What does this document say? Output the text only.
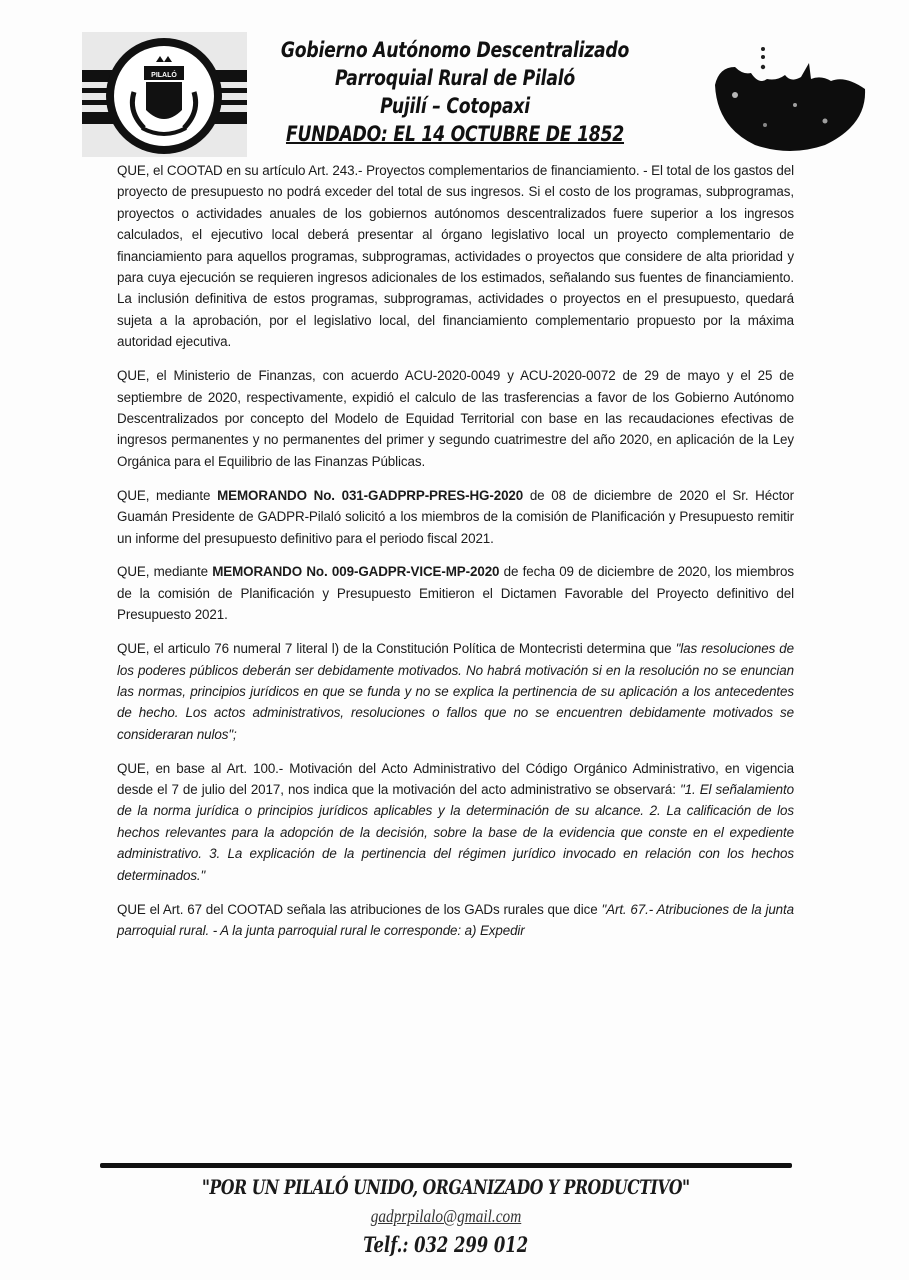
PILALÓ
Gobierno Autónomo Descentralizado
Parroquial Rural de Pilaló
Pujilí – Cotopaxi
FUNDADO: EL 14 OCTUBRE DE 1852

QUE, el COOTAD en su artículo Art. 243.- Proyectos complementarios de financiamiento. - El total de los gastos del proyecto de presupuesto no podrá exceder del total de sus ingresos. Si el costo de los programas, subprogramas, proyectos o actividades anuales de los gobiernos autónomos descentralizados fuere superior a los ingresos calculados, el ejecutivo local deberá presentar al órgano legislativo local un proyecto complementario de financiamiento para aquellos programas, subprogramas, actividades o proyectos que considere de alta prioridad y para cuya ejecución se requieren ingresos adicionales de los estimados, señalando sus fuentes de financiamiento. La inclusión definitiva de estos programas, subprogramas, actividades o proyectos en el presupuesto, quedará sujeta a la aprobación, por el legislativo local, del financiamiento complementario propuesto por la máxima autoridad ejecutiva.

QUE, el Ministerio de Finanzas, con acuerdo ACU-2020-0049 y ACU-2020-0072 de 29 de mayo y el 25 de septiembre de 2020, respectivamente, expidió el calculo de las trasferencias a favor de los Gobierno Autónomo Descentralizados por concepto del Modelo de Equidad Territorial con base en las recaudaciones efectivas de ingresos permanentes y no permanentes del primer y segundo cuatrimestre del año 2020, en aplicación de la Ley Orgánica para el Equilibrio de las Finanzas Públicas.

QUE, mediante MEMORANDO No. 031-GADPRP-PRES-HG-2020 de 08 de diciembre de 2020 el Sr. Héctor Guamán Presidente de GADPR-Pilaló solicitó a los miembros de la comisión de Planificación y Presupuesto remitir un informe del presupuesto definitivo para el periodo fiscal 2021.

QUE, mediante MEMORANDO No. 009-GADPR-VICE-MP-2020 de fecha 09 de diciembre de 2020, los miembros de la comisión de Planificación y Presupuesto Emitieron el Dictamen Favorable del Proyecto definitivo del Presupuesto 2021.

QUE, el articulo 76 numeral 7 literal l) de la Constitución Política de Montecristi determina que "las resoluciones de los poderes públicos deberán ser debidamente motivados. No habrá motivación si en la resolución no se enuncian las normas, principios jurídicos en que se funda y no se explica la pertinencia de su aplicación a los antecedentes de hecho. Los actos administrativos, resoluciones o fallos que no se encuentren debidamente motivados se consideraran nulos";

QUE, en base al Art. 100.- Motivación del Acto Administrativo del Código Orgánico Administrativo, en vigencia desde el 7 de julio del 2017, nos indica que la motivación del acto administrativo se observará: "1. El señalamiento de la norma jurídica o principios jurídicos aplicables y la determinación de su alcance. 2. La calificación de los hechos relevantes para la adopción de la decisión, sobre la base de la evidencia que conste en el expediente administrativo. 3. La explicación de la pertinencia del régimen jurídico invocado en relación con los hechos determinados."

QUE el Art. 67 del COOTAD señala las atribuciones de los GADs rurales que dice "Art. 67.- Atribuciones de la junta parroquial rural. - A la junta parroquial rural le corresponde: a) Expedir

"POR UN PILALÓ UNIDO, ORGANIZADO Y PRODUCTIVO"
gadprpilalo@gmail.com
Telf.: 032 299 012
